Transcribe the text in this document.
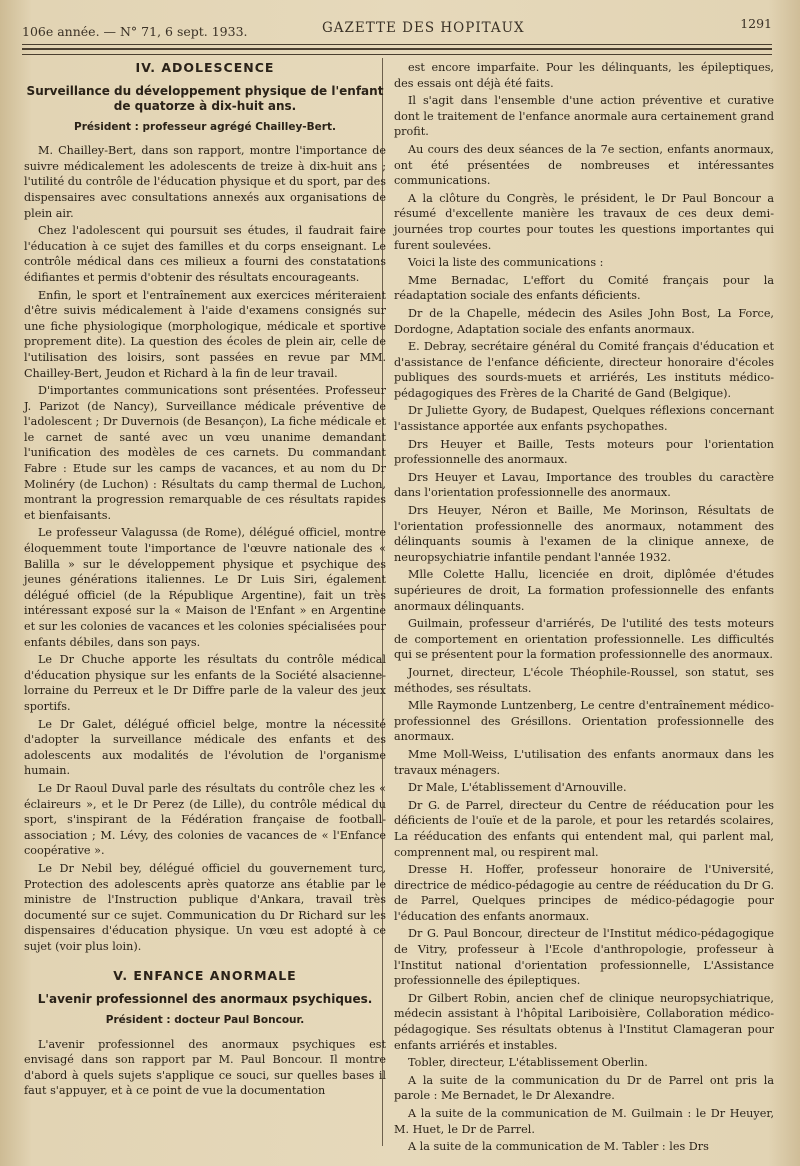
106e année. — N° 71, 6 sept. 1933.	GAZETTE DES HOPITAUX	1291
IV. ADOLESCENCE
Surveillance du développement physique de l'enfant de quatorze à dix-huit ans.
Président : professeur agrégé Chailley-Bert.

M. Chailley-Bert, dans son rapport, montre l'importance de suivre médicalement les adolescents de treize à dix-huit ans ; l'utilité du contrôle de l'éducation physique et du sport, par des dispensaires avec consultations annexés aux organisations de plein air.

Chez l'adolescent qui poursuit ses études, il faudrait faire l'éducation à ce sujet des familles et du corps enseignant. Le contrôle médical dans ces milieux a fourni des constatations édifiantes et permis d'obtenir des résultats encourageants.

Enfin, le sport et l'entraînement aux exercices mériteraient d'être suivis médicalement à l'aide d'examens consignés sur une fiche physiologique (morphologique, médicale et sportive proprement dite). La question des écoles de plein air, celle de l'utilisation des loisirs, sont passées en revue par MM. Chailley-Bert, Jeudon et Richard à la fin de leur travail.

D'importantes communications sont présentées. Professeur J. Parizot (de Nancy), Surveillance médicale préventive de l'adolescent ; Dr Duvernois (de Besançon), La fiche médicale et le carnet de santé avec un vœu unanime demandant l'unification des modèles de ces carnets. Du commandant Fabre : Etude sur les camps de vacances, et au nom du Dr Molinéry (de Luchon) : Résultats du camp thermal de Luchon, montrant la progression remarquable de ces résultats rapides et bienfaisants.

Le professeur Valagussa (de Rome), délégué officiel, montre éloquemment toute l'importance de l'œuvre nationale des « Balilla » sur le développement physique et psychique des jeunes générations italiennes. Le Dr Luis Siri, également délégué officiel (de la République Argentine), fait un très intéressant exposé sur la « Maison de l'Enfant » en Argentine et sur les colonies de vacances et les colonies spécialisées pour enfants débiles, dans son pays.

Le Dr Chuche apporte les résultats du contrôle médical d'éducation physique sur les enfants de la Société alsacienne-lorraine du Perreux et le Dr Diffre parle de la valeur des jeux sportifs.

Le Dr Galet, délégué officiel belge, montre la nécessité d'adopter la surveillance médicale des enfants et des adolescents aux modalités de l'évolution de l'organisme humain.

Le Dr Raoul Duval parle des résultats du contrôle chez les « éclaireurs », et le Dr Perez (de Lille), du contrôle médical du sport, s'inspirant de la Fédération française de football-association ; M. Lévy, des colonies de vacances de « l'Enfance coopérative ».

Le Dr Nebil bey, délégué officiel du gouvernement turc, Protection des adolescents après quatorze ans établie par le ministre de l'Instruction publique d'Ankara, travail très documenté sur ce sujet. Communication du Dr Richard sur les dispensaires d'éducation physique. Un vœu est adopté à ce sujet (voir plus loin).

V. ENFANCE ANORMALE
L'avenir professionnel des anormaux psychiques.
Président : docteur Paul Boncour.

L'avenir professionnel des anormaux psychiques est envisagé dans son rapport par M. Paul Boncour. Il montre d'abord à quels sujets s'applique ce souci, sur quelles bases il faut s'appuyer, et à ce point de vue la documentation

est encore imparfaite. Pour les délinquants, les épileptiques, des essais ont déjà été faits.

Il s'agit dans l'ensemble d'une action préventive et curative dont le traitement de l'enfance anormale aura certainement grand profit.

Au cours des deux séances de la 7e section, enfants anormaux, ont été présentées de nombreuses et intéressantes communications.

A la clôture du Congrès, le président, le Dr Paul Boncour a résumé d'excellente manière les travaux de ces deux demi-journées trop courtes pour toutes les questions importantes qui furent soulevées.

Voici la liste des communications :

Mme Bernadac, L'effort du Comité français pour la réadaptation sociale des enfants déficients.

Dr de la Chapelle, médecin des Asiles John Bost, La Force, Dordogne, Adaptation sociale des enfants anormaux.

E. Debray, secrétaire général du Comité français d'éducation et d'assistance de l'enfance déficiente, directeur honoraire d'écoles publiques des sourds-muets et arriérés, Les instituts médico-pédagogiques des Frères de la Charité de Gand (Belgique).

Dr Juliette Gyory, de Budapest, Quelques réflexions concernant l'assistance apportée aux enfants psychopathes.

Drs Heuyer et Baille, Tests moteurs pour l'orientation professionnelle des anormaux.

Drs Heuyer et Lavau, Importance des troubles du caractère dans l'orientation professionnelle des anormaux.

Drs Heuyer, Néron et Baille, Me Morinson, Résultats de l'orientation professionnelle des anormaux, notamment des délinquants soumis à l'examen de la clinique annexe, de neuropsychiatrie infantile pendant l'année 1932.

Mlle Colette Hallu, licenciée en droit, diplômée d'études supérieures de droit, La formation professionnelle des enfants anormaux délinquants.

Guilmain, professeur d'arriérés, De l'utilité des tests moteurs de comportement en orientation professionnelle. Les difficultés qui se présentent pour la formation professionnelle des anormaux.

Journet, directeur, L'école Théophile-Roussel, son statut, ses méthodes, ses résultats.

Mlle Raymonde Luntzenberg, Le centre d'entraînement médico-professionnel des Grésillons. Orientation professionnelle des anormaux.

Mme Moll-Weiss, L'utilisation des enfants anormaux dans les travaux ménagers.

Dr Male, L'établissement d'Arnouville.

Dr G. de Parrel, directeur du Centre de rééducation pour les déficients de l'ouïe et de la parole, et pour les retardés scolaires, La rééducation des enfants qui entendent mal, qui parlent mal, comprennent mal, ou respirent mal.

Dresse H. Hoffer, professeur honoraire de l'Université, directrice de médico-pédagogie au centre de rééducation du Dr G. de Parrel, Quelques principes de médico-pédagogie pour l'éducation des enfants anormaux.

Dr G. Paul Boncour, directeur de l'Institut médico-pédagogique de Vitry, professeur à l'Ecole d'anthropologie, professeur à l'Institut national d'orientation professionnelle, L'Assistance professionnelle des épileptiques.

Dr Gilbert Robin, ancien chef de clinique neuropsychiatrique, médecin assistant à l'hôpital Lariboisière, Collaboration médico-pédagogique. Ses résultats obtenus à l'Institut Clamageran pour enfants arriérés et instables.

Tobler, directeur, L'établissement Oberlin.

A la suite de la communication du Dr de Parrel ont pris la parole : Me Bernadet, le Dr Alexandre.

A la suite de la communication de M. Guilmain : le Dr Heuyer, M. Huet, le Dr de Parrel.

A la suite de la communication de M. Tabler : les Drs
